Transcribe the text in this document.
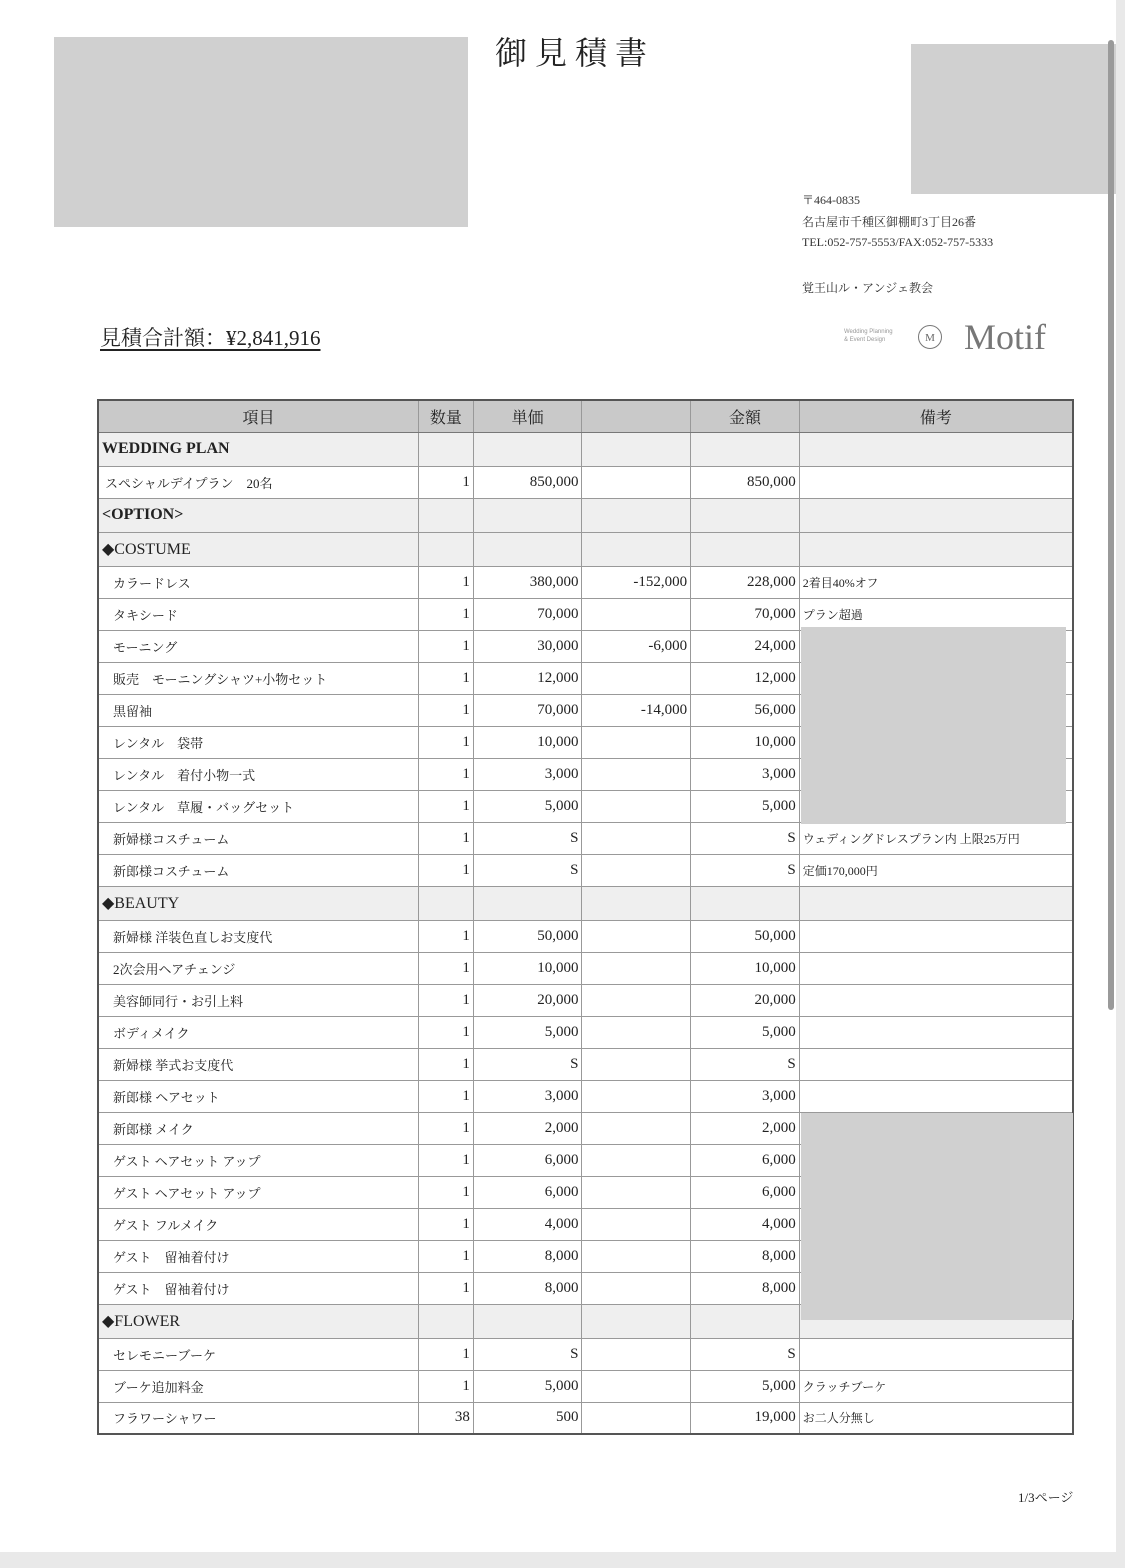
御見積書
〒464-0835
名古屋市千種区御棚町3丁目26番
TEL:052-757-5553/FAX:052-757-5333
覚王山ル・アンジェ教会
見積合計額：¥2,841,916	Wedding Planning
& Event Design	M Motif
項目	数量	単価		金額	備考
WEDDING PLAN					
スペシャルデイプラン　20名	1	850,000		850,000	
<OPTION>					
◆COSTUME					
カラードレス	1	380,000	-152,000	228,000	2着目40%オフ
タキシード	1	70,000		70,000	プラン超過
モーニング	1	30,000	-6,000	24,000	
販売　モーニングシャツ+小物セット	1	12,000		12,000	
黒留袖	1	70,000	-14,000	56,000	
レンタル　袋帯	1	10,000		10,000	
レンタル　着付小物一式	1	3,000		3,000	
レンタル　草履・バッグセット	1	5,000		5,000	
新婦様コスチューム	1	S		S	ウェディングドレスプラン内 上限25万円
新郎様コスチューム	1	S		S	定価170,000円
◆BEAUTY					
新婦様 洋装色直しお支度代	1	50,000		50,000	
2次会用ヘアチェンジ	1	10,000		10,000	
美容師同行・お引上料	1	20,000		20,000	
ボディメイク	1	5,000		5,000	
新婦様 挙式お支度代	1	S		S	
新郎様 ヘアセット	1	3,000		3,000	
新郎様 メイク	1	2,000		2,000	
ゲスト ヘアセット アップ	1	6,000		6,000	
ゲスト ヘアセット アップ	1	6,000		6,000	
ゲスト フルメイク	1	4,000		4,000	
ゲスト　留袖着付け	1	8,000		8,000	
ゲスト　留袖着付け	1	8,000		8,000	
◆FLOWER					
セレモニーブーケ	1	S		S	
ブーケ追加料金	1	5,000		5,000	クラッチブーケ
フラワーシャワー	38	500		19,000	お二人分無し
1/3ページ
